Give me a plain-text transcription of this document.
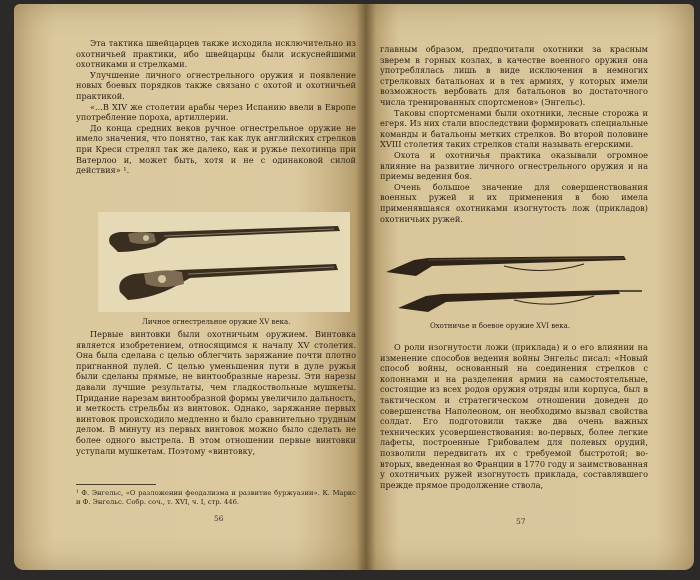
Эта тактика швейцарцев также исходила исключительно из охотничьей практики, ибо швейцарцы были искуснейшими охотниками и стрелками.

Улучшение личного огнестрельного оружия и появление новых боевых порядков также связано с охотой и охотничьей практикой.

«...В XIV же столетии арабы через Испанию ввели в Европе употребление пороха, артиллерии.

До конца средних веков ручное огнестрельное оружие не имело значения, что понятно, так как лук английских стрелков при Креси стрелял так же далеко, как и ружье пехотинца при Ватерлоо и, может быть, хотя и не с одинаковой силой действия» ¹.

Личное огнестрельное оружие XV века.

Первые винтовки были охотничьим оружием. Винтовка является изобретением, относящимся к началу XV столетия. Она была сделана с целью облегчить заряжание почти плотно пригнанной пулей. С целью уменьшения пути в дуле ружья были сделаны прямые, не винтообразные нарезы. Эти нарезы давали лучшие результаты, чем гладкоствольные мушкеты. Придание нарезам винтообразной формы увеличило дальность, и меткость стрельбы из винтовок. Однако, заряжание первых винтовок происходило медленно и было сравнительно трудным делом. В минуту из первых винтовок можно было сделать не более одного выстрела. В этом отношении первые винтовки уступали мушкетам. Поэтому «винтовку,

¹ Ф. Энгельс, «О разложении феодализма и развитие буржуазии». К. Маркс и Ф. Энгельс. Собр. соч., т. XVI, ч. I, стр. 446.
56

главным образом, предпочитали охотники за красным зверем в горных козлах, в качестве военного оружия она употреблялась лишь в виде исключения в немногих стрелковых батальонах и в тех армиях, у которых имели возможность вербовать для батальонов во достаточного числа тренированных спортсменов» (Энгельс).

Таковы спортсменами были охотники, лесные сторожа и егеря. Из них стали впоследствии формировать специальные команды и батальоны метких стрелков. Во второй половине XVIII столетия таких стрелков стали называть егерскими.

Охота и охотничья практика оказывали огромное влияние на развитие личного огнестрельного оружия и на приемы ведения боя.

Очень большое значение для совершенствования военных ружей и их применения в бою имела применявшаяся охотниками изогнутость лож (прикладов) охотничьих ружей.

Охотничье и боевое оружие XVI века.

О роли изогнутости ложи (приклада) и о его влиянии на изменение способов ведения войны Энгельс писал: «Новый способ войны, основанный на соединения стрелков с колоннами и на разделения армии на самостоятельные, состоящие из всех родов оружия отряды или корпуса, был в тактическом и стратегическом отношении доведен до совершенства Наполеоном, он необходимо вызвал свойства солдат. Его подготовили также два очень важных технических усовершенствования: во-первых, более легкие лафеты, построенные Грибовалем для полевых орудий, позволили передвигать их с требуемой быстротой; во-вторых, введенная во Франции в 1770 году и заимствованная у охотничьих ружей изогнутость приклада, составлявшего прежде прямое продолжение ствола,

57
